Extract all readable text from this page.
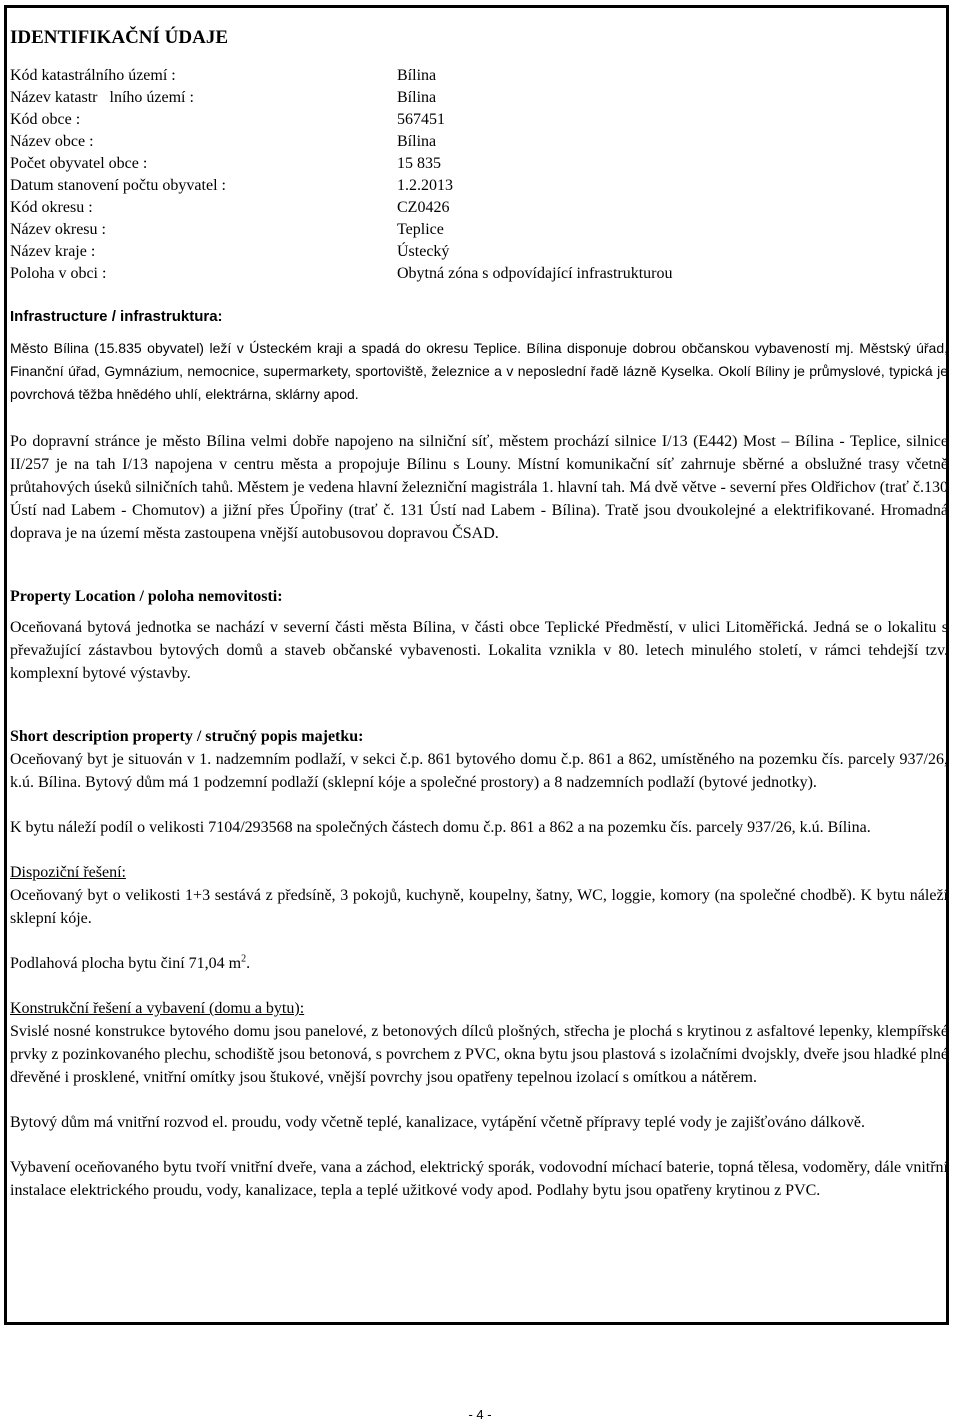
IDENTIFIKAČNÍ ÚDAJE
Kód katastrálního území :	Bílina
Název katastr   lního území :	Bílina
Kód obce :	567451
Název obce :	Bílina
Počet obyvatel obce :	15 835
Datum stanovení počtu obyvatel :	1.2.2013
Kód okresu :	CZ0426
Název okresu :	Teplice
Název kraje :	Ústecký
Poloha v obci :	Obytná zóna s odpovídající infrastrukturou
Infrastructure / infrastruktura:

Město Bílina (15.835 obyvatel) leží v Ústeckém kraji a spadá do okresu Teplice. Bílina disponuje dobrou občanskou vybaveností mj. Městský úřad, Finanční úřad, Gymnázium, nemocnice, supermarkety, sportoviště, železnice a v neposlední řadě lázně Kyselka. Okolí Bíliny je průmyslové, typická je povrchová těžba hnědého uhlí, elektrárna, sklárny apod.

Po dopravní stránce je město Bílina velmi dobře napojeno na silniční síť, městem prochází silnice I/13 (E442) Most – Bílina - Teplice, silnice II/257 je na tah I/13 napojena v centru města a propojuje Bílinu s Louny. Místní komunikační síť zahrnuje sběrné a obslužné trasy včetně průtahových úseků silničních tahů. Městem je vedena hlavní železniční magistrála 1. hlavní tah. Má dvě větve - severní přes Oldřichov (trať č.130 Ústí nad Labem - Chomutov) a jižní přes Úpořiny (trať č. 131 Ústí nad Labem - Bílina). Tratě jsou dvoukolejné a elektrifikované. Hromadná doprava je na území města zastoupena vnější autobusovou dopravou ČSAD.

Property Location / poloha nemovitosti:

Oceňovaná bytová jednotka se nachází v severní části města Bílina, v části obce Teplické Předměstí, v ulici Litoměřická. Jedná se o lokalitu s převažující zástavbou bytových domů a staveb občanské vybavenosti. Lokalita vznikla v 80. letech minulého století, v rámci tehdejší tzv. komplexní bytové výstavby.

Short description property / stručný popis majetku:

Oceňovaný byt je situován v 1. nadzemním podlaží, v sekci č.p. 861 bytového domu č.p. 861 a 862, umístěného na pozemku čís. parcely 937/26, k.ú. Bílina. Bytový dům má 1 podzemní podlaží (sklepní kóje a společné prostory) a 8 nadzemních podlaží (bytové jednotky).

K bytu náleží podíl o velikosti 7104/293568 na společných částech domu č.p. 861 a 862 a na pozemku čís. parcely 937/26, k.ú. Bílina.

Dispoziční řešení:

Oceňovaný byt o velikosti 1+3 sestává z předsíně, 3 pokojů, kuchyně, koupelny, šatny, WC, loggie, komory (na společné chodbě). K bytu náleží sklepní kóje.

Podlahová plocha bytu činí 71,04 $m^2$.

Konstrukční řešení a vybavení (domu a bytu):

Svislé nosné konstrukce bytového domu jsou panelové, z betonových dílců plošných, střecha je plochá s krytinou z asfaltové lepenky, klempířské prvky z pozinkovaného plechu, schodiště jsou betonová, s povrchem z PVC, okna bytu jsou plastová s izolačními dvojskly, dveře jsou hladké plné dřevěné i prosklené, vnitřní omítky jsou štukové, vnější povrchy jsou opatřeny tepelnou izolací s omítkou a nátěrem.

Bytový dům má vnitřní rozvod el. proudu, vody včetně teplé, kanalizace, vytápění včetně přípravy teplé vody je zajišťováno dálkově.

Vybavení oceňovaného bytu tvoří vnitřní dveře, vana a záchod, elektrický sporák, vodovodní míchací baterie, topná tělesa, vodoměry, dále vnitřní instalace elektrického proudu, vody, kanalizace, tepla a teplé užitkové vody apod. Podlahy bytu jsou opatřeny krytinou z PVC.

- 4 -
